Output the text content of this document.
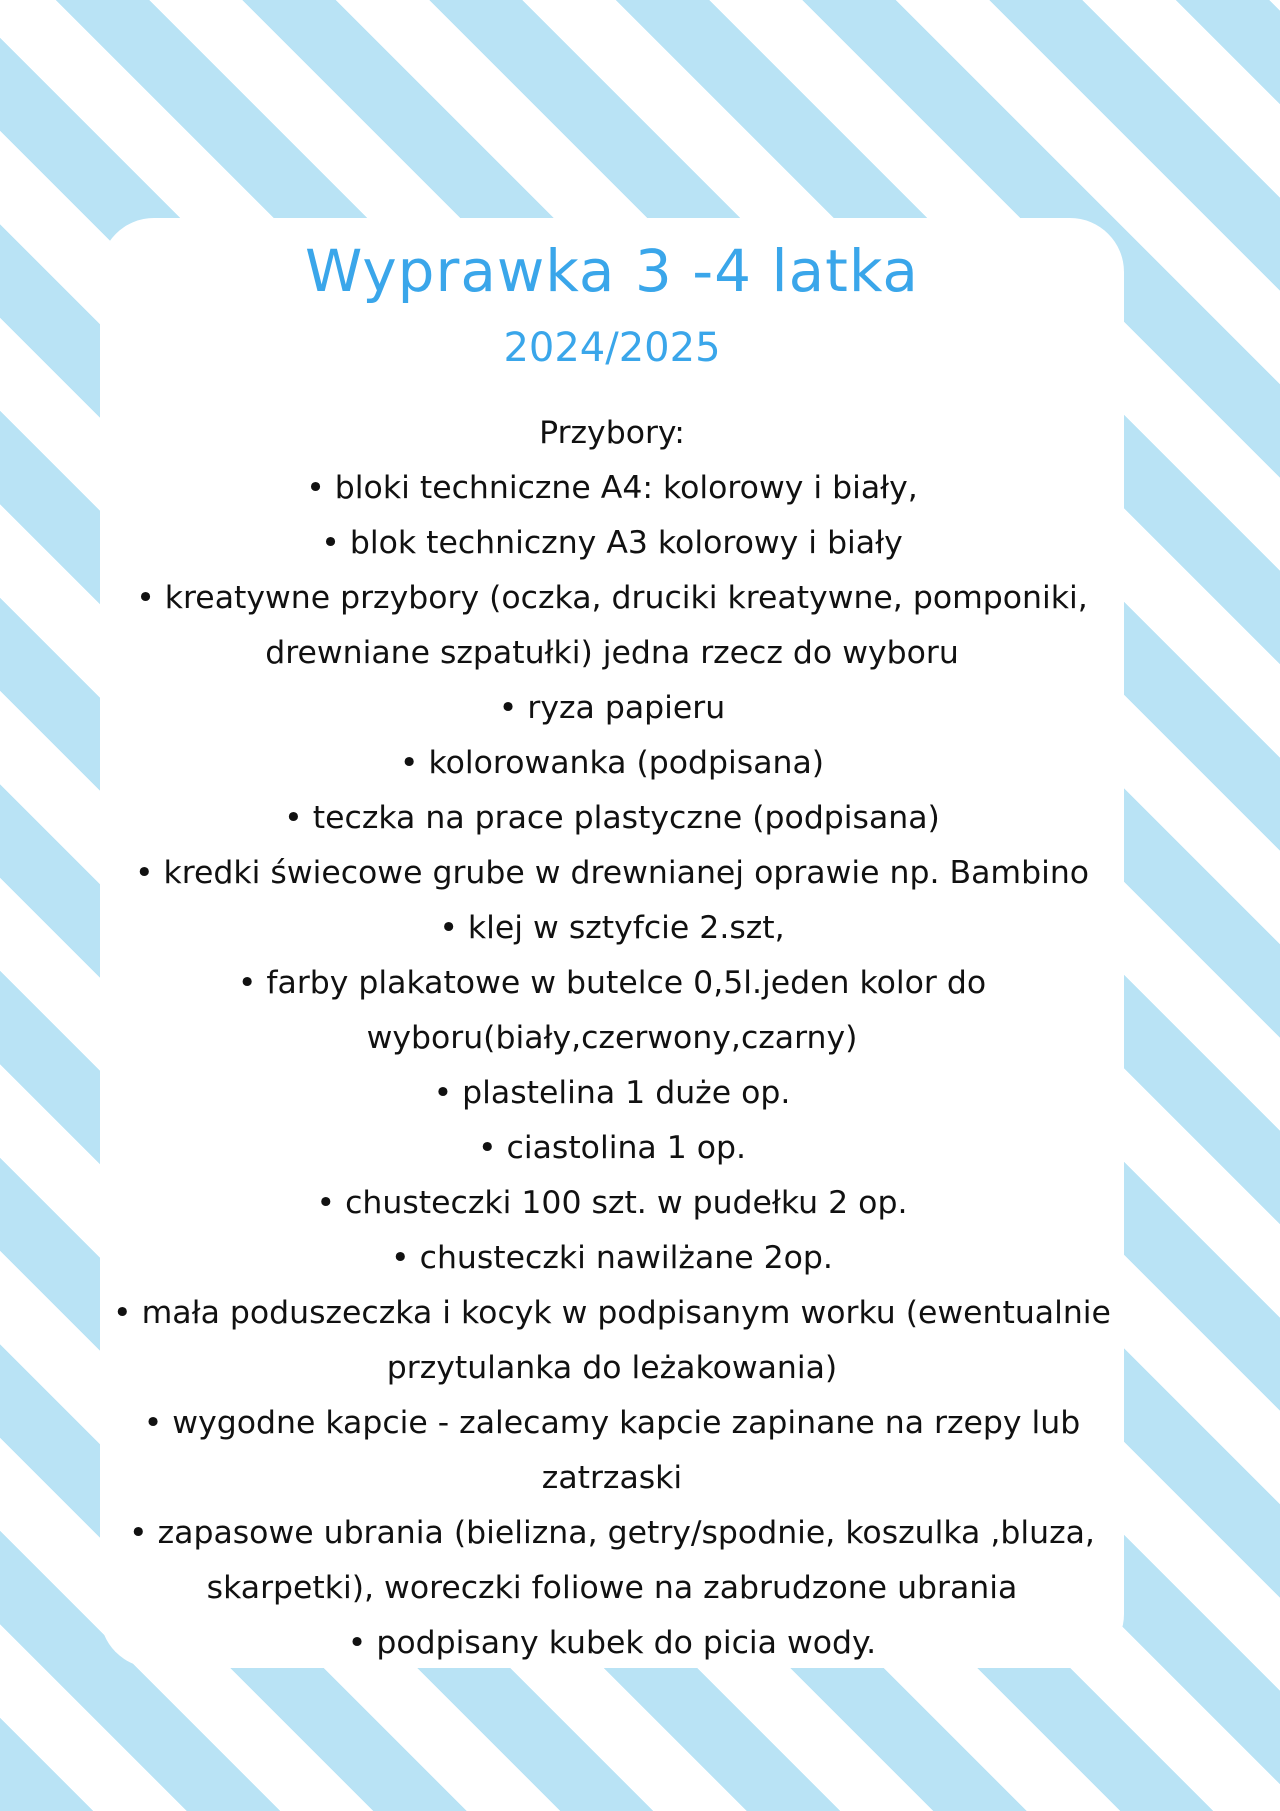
Wyprawka 3 -4 latka
2024/2025
Przybory:
• bloki techniczne A4: kolorowy i biały,
• blok techniczny A3 kolorowy i biały
• kreatywne przybory (oczka, druciki kreatywne, pomponiki,
drewniane szpatułki) jedna rzecz do wyboru
• ryza papieru
• kolorowanka (podpisana)
• teczka na prace plastyczne (podpisana)
• kredki świecowe grube w drewnianej oprawie np. Bambino
• klej w sztyfcie 2.szt,
• farby plakatowe w butelce 0,5l.jeden kolor do
wyboru(biały,czerwony,czarny)
• plastelina 1 duże op.
• ciastolina 1 op.
• chusteczki 100 szt. w pudełku 2 op.
• chusteczki nawilżane 2op.
• mała poduszeczka i kocyk w podpisanym worku (ewentualnie
przytulanka do leżakowania)
• wygodne kapcie - zalecamy kapcie zapinane na rzepy lub
zatrzaski
• zapasowe ubrania (bielizna, getry/spodnie, koszulka ,bluza,
skarpetki), woreczki foliowe na zabrudzone ubrania
• podpisany kubek do picia wody.
